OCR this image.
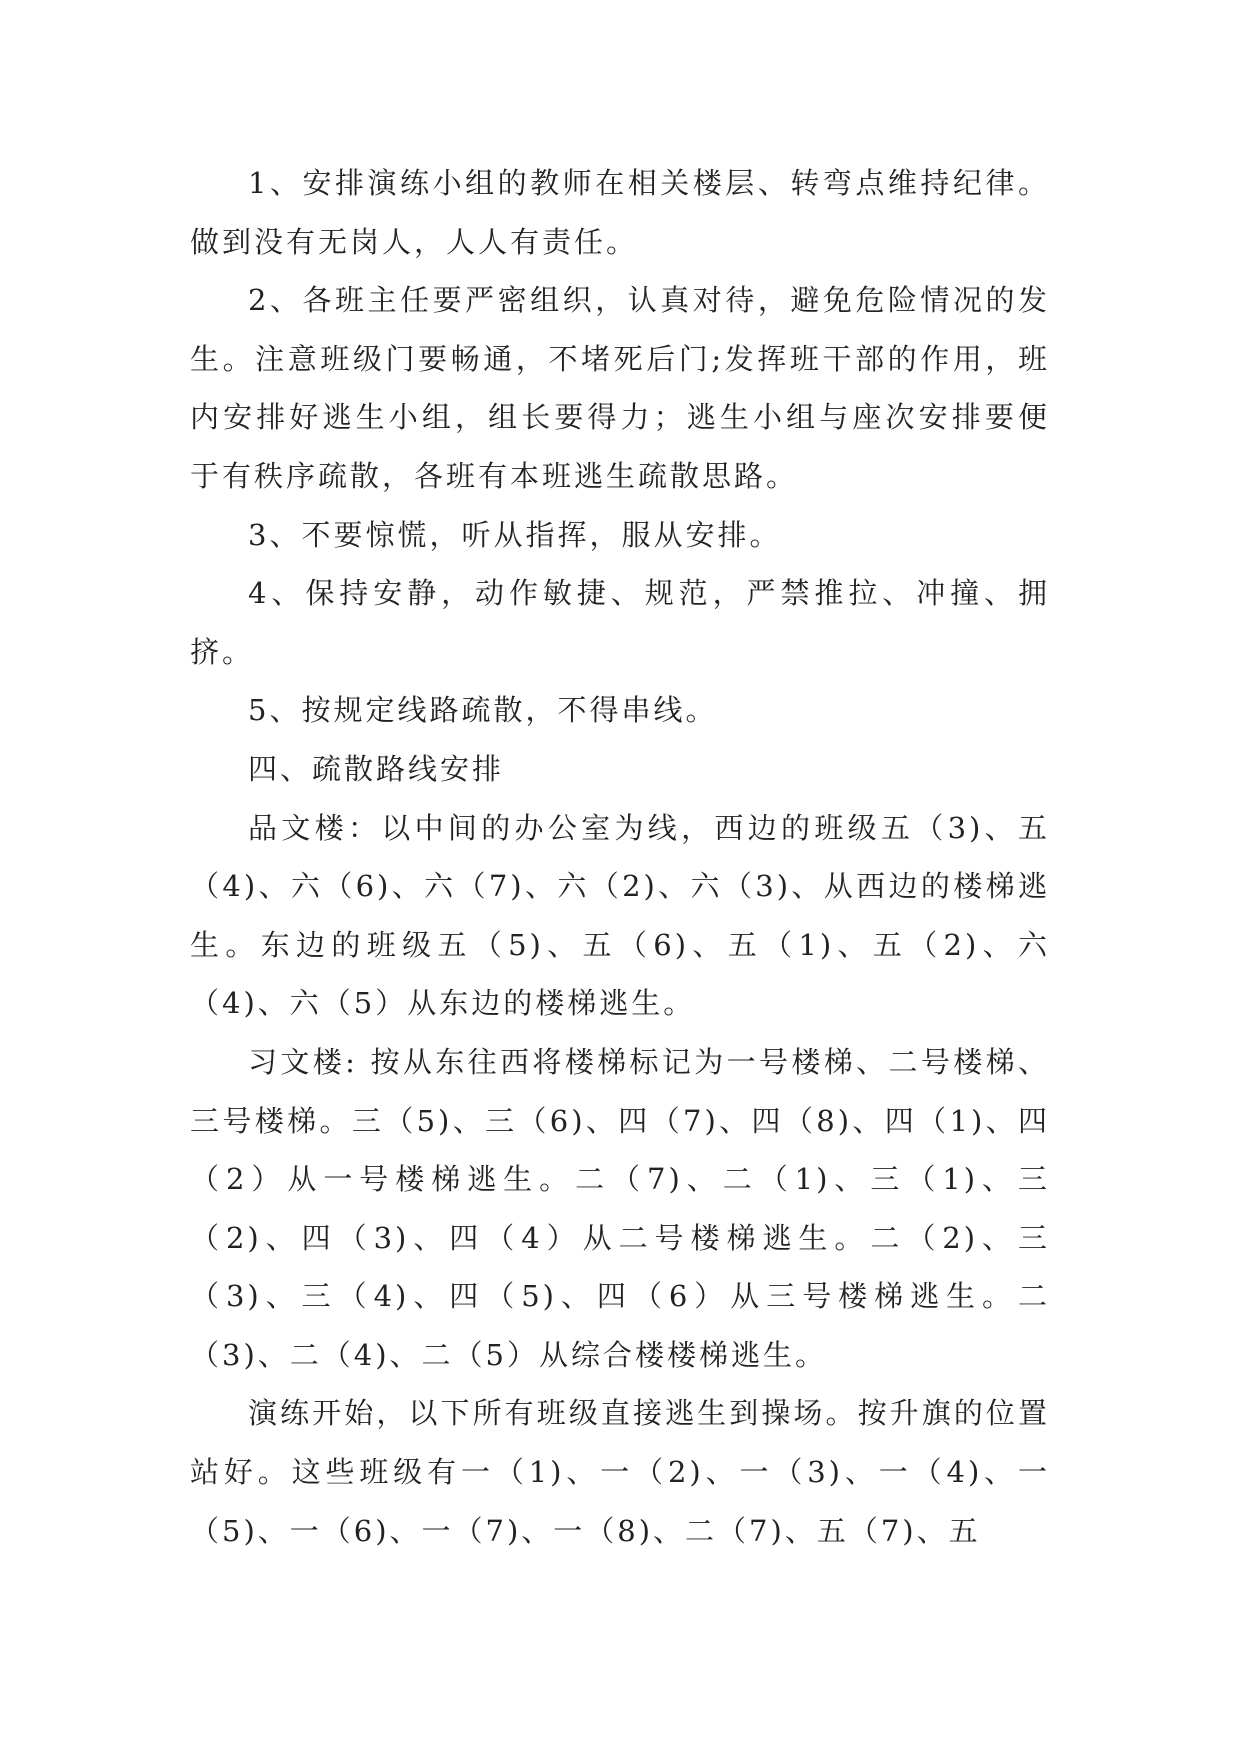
1、安排演练小组的教师在相关楼层、转弯点维持纪律。做到没有无岗人，人人有责任。

2、各班主任要严密组织，认真对待，避免危险情况的发生。注意班级门要畅通，不堵死后门;发挥班干部的作用，班内安排好逃生小组，组长要得力；逃生小组与座次安排要便于有秩序疏散，各班有本班逃生疏散思路。

3、不要惊慌，听从指挥，服从安排。

4、保持安静，动作敏捷、规范，严禁推拉、冲撞、拥挤。

5、按规定线路疏散，不得串线。

四、疏散路线安排

品文楼：以中间的办公室为线，西边的班级五（3)、五（4)、六（6)、六（7)、六（2)、六（3)、从西边的楼梯逃生。东边的班级五（5)、五（6)、五（1)、五（2)、六（4)、六（5）从东边的楼梯逃生。

习文楼: 按从东往西将楼梯标记为一号楼梯、二号楼梯、三号楼梯。三（5)、三（6)、四（7)、四（8)、四（1)、四（2）从一号楼梯逃生。二（7)、二（1)、三（1)、三（2)、四（3)、四（4）从二号楼梯逃生。二（2)、三（3)、三（4)、四（5)、四（6）从三号楼梯逃生。二（3)、二（4)、二（5）从综合楼楼梯逃生。

演练开始，以下所有班级直接逃生到操场。按升旗的位置站好。这些班级有一（1)、一（2)、一（3)、一（4)、一（5)、一（6)、一（7)、一（8)、二（7)、五（7)、五
